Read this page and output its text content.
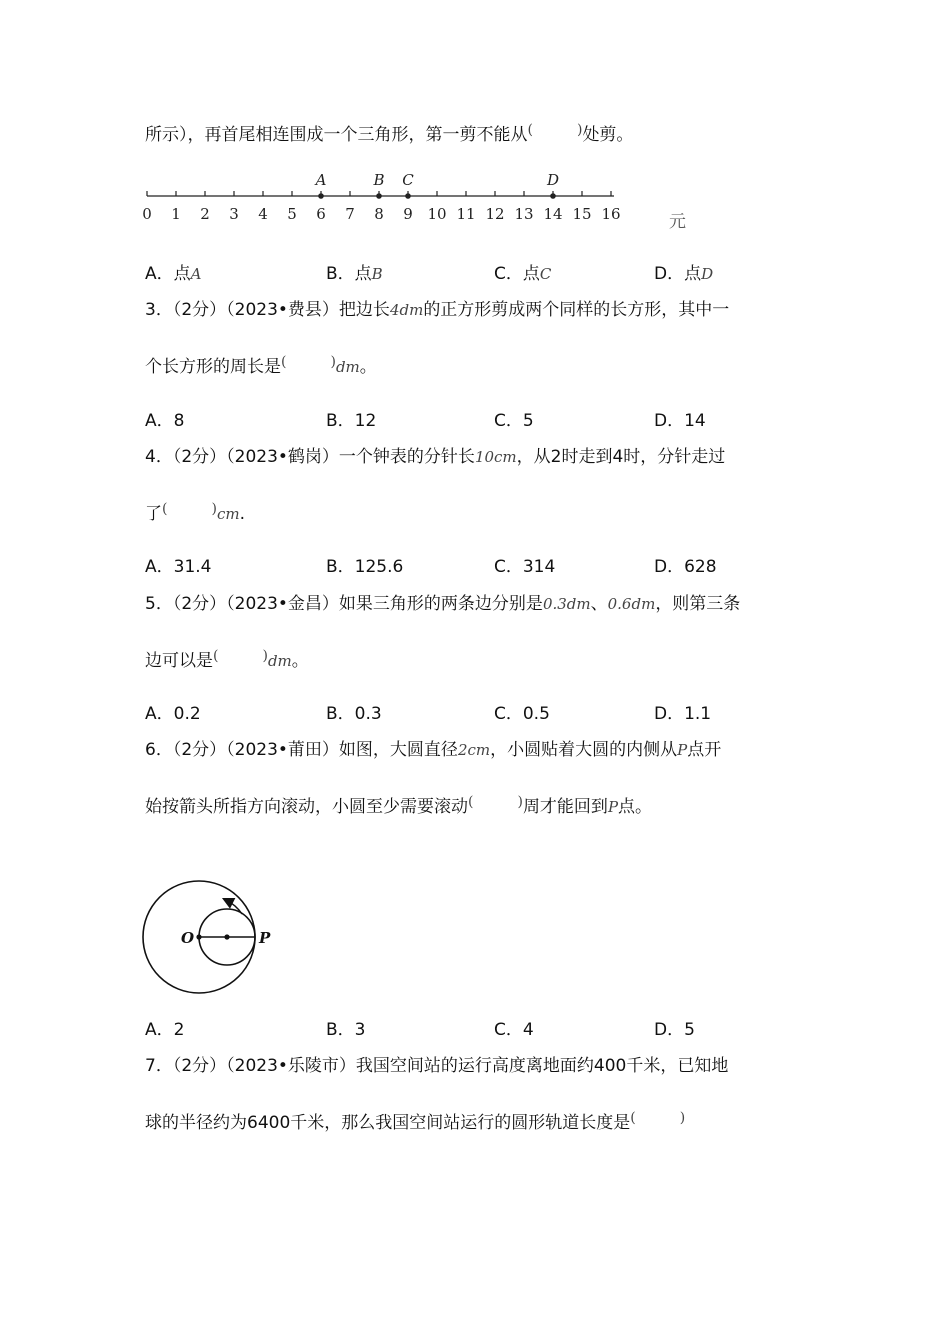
所示），再首尾相连围成一个三角形，第一剪不能从(	)处剪。
0 1 2 3 4 5 6 7 8 9 10 11 12 13 14 15 16
A	B C	D
元
A．点A	B．点B	C．点C	D．点D
3．（2分）（2023•费县）把边长4dm的正方形剪成两个同样的长方形，其中一
个长方形的周长是(	)dm。
A．8	B．12	C．5	D．14
4．（2分）（2023•鹤岗）一个钟表的分针长10cm，从2时走到4时，分针走过
了(	)cm.
A．31.4	B．125.6	C．314	D．628
5．（2分）（2023•金昌）如果三角形的两条边分别是0.3dm、0.6dm，则第三条
边可以是(	)dm。
A．0.2	B．0.3	C．0.5	D．1.1
6．（2分）（2023•莆田）如图，大圆直径2cm，小圆贴着大圆的内侧从P点开
始按箭头所指方向滚动，小圆至少需要滚动(	)周才能回到P点。
O	P
A．2	B．3	C．4	D．5
7．（2分）（2023•乐陵市）我国空间站的运行高度离地面约400千米，已知地
球的半径约为6400千米，那么我国空间站运行的圆形轨道长度是(	)
